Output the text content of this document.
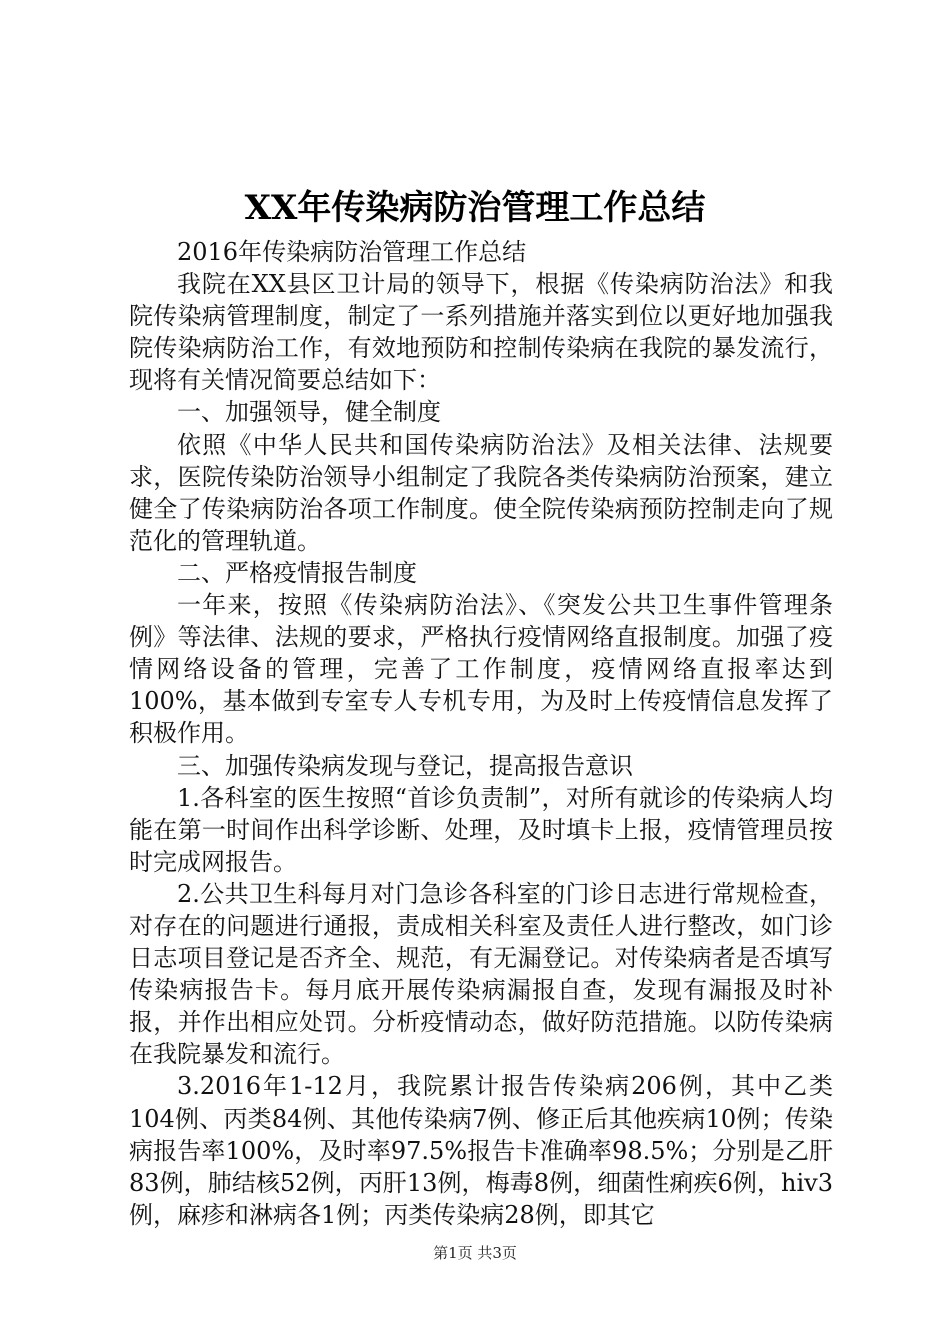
XX年传染病防治管理工作总结

2016年传染病防治管理工作总结

我院在XX县区卫计局的领导下，根据《传染病防治法》和我院传染病管理制度，制定了一系列措施并落实到位以更好地加强我院传染病防治工作，有效地预防和控制传染病在我院的暴发流行，现将有关情况简要总结如下：

一、加强领导，健全制度

依照《中华人民共和国传染病防治法》及相关法律、法规要求，医院传染防治领导小组制定了我院各类传染病防治预案，建立健全了传染病防治各项工作制度。使全院传染病预防控制走向了规范化的管理轨道。

二、严格疫情报告制度

一年来，按照《传染病防治法》、《突发公共卫生事件管理条例》等法律、法规的要求，严格执行疫情网络直报制度。加强了疫情网络设备的管理，完善了工作制度，疫情网络直报率达到100%，基本做到专室专人专机专用，为及时上传疫情信息发挥了积极作用。

三、加强传染病发现与登记，提高报告意识

1.各科室的医生按照“首诊负责制”，对所有就诊的传染病人均能在第一时间作出科学诊断、处理，及时填卡上报，疫情管理员按时完成网报告。

2.公共卫生科每月对门急诊各科室的门诊日志进行常规检查，对存在的问题进行通报，责成相关科室及责任人进行整改，如门诊日志项目登记是否齐全、规范，有无漏登记。对传染病者是否填写传染病报告卡。每月底开展传染病漏报自查，发现有漏报及时补报，并作出相应处罚。分析疫情动态，做好防范措施。以防传染病在我院暴发和流行。

3.2016年1-12月，我院累计报告传染病206例，其中乙类104例、丙类84例、其他传染病7例、修正后其他疾病10例；传染病报告率100%，及时率97.5%报告卡准确率98.5%；分别是乙肝83例，肺结核52例，丙肝13例，梅毒8例，细菌性痢疾6例，hiv3例，麻疹和淋病各1例；丙类传染病28例，即其它

第1页 共3页
